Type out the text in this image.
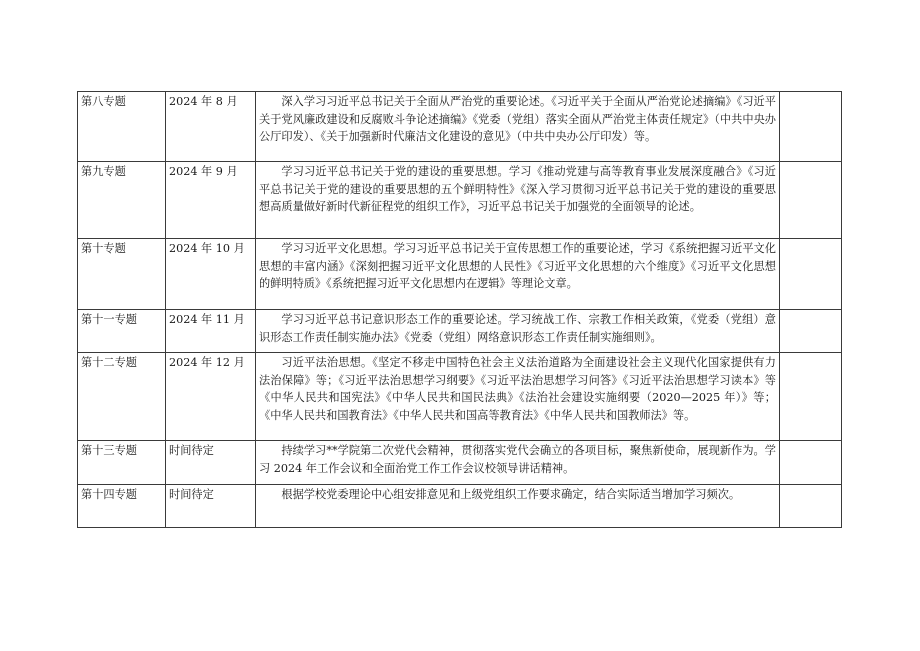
第八专题	2024 年 8 月	深入学习习近平总书记关于全面从严治党的重要论述。《习近平关于全面从严治党论述摘编》《习近平关于党风廉政建设和反腐败斗争论述摘编》《党委（党组）落实全面从严治党主体责任规定》（中共中央办公厅印发）、《关于加强新时代廉洁文化建设的意见》（中共中央办公厅印发）等。	
第九专题	2024 年 9 月	学习习近平总书记关于党的建设的重要思想。学习《推动党建与高等教育事业发展深度融合》《习近平总书记关于党的建设的重要思想的五个鲜明特性》《深入学习贯彻习近平总书记关于党的建设的重要思想高质量做好新时代新征程党的组织工作》，习近平总书记关于加强党的全面领导的论述。	
第十专题	2024 年 10 月	学习习近平文化思想。学习习近平总书记关于宣传思想工作的重要论述，学习《系统把握习近平文化思想的丰富内涵》《深刻把握习近平文化思想的人民性》《习近平文化思想的六个维度》《习近平文化思想的鲜明特质》《系统把握习近平文化思想内在逻辑》等理论文章。	
第十一专题	2024 年 11 月	学习习近平总书记意识形态工作的重要论述。学习统战工作、宗教工作相关政策，《党委（党组）意识形态工作责任制实施办法》《党委（党组）网络意识形态工作责任制实施细则》。	
第十二专题	2024 年 12 月	习近平法治思想。《坚定不移走中国特色社会主义法治道路为全面建设社会主义现代化国家提供有力法治保障》等；《习近平法治思想学习纲要》《习近平法治思想学习问答》《习近平法治思想学习读本》等 《中华人民共和国宪法》《中华人民共和国民法典》《法治社会建设实施纲要（2020—2025 年）》等；《中华人民共和国教育法》《中华人民共和国高等教育法》《中华人民共和国教师法》等。	
第十三专题	时间待定	持续学习**学院第二次党代会精神，贯彻落实党代会确立的各项目标，聚焦新使命，展现新作为。学习 2024 年工作会议和全面治党工作工作会议校领导讲话精神。	
第十四专题	时间待定	根据学校党委理论中心组安排意见和上级党组织工作要求确定，结合实际适当增加学习频次。	
